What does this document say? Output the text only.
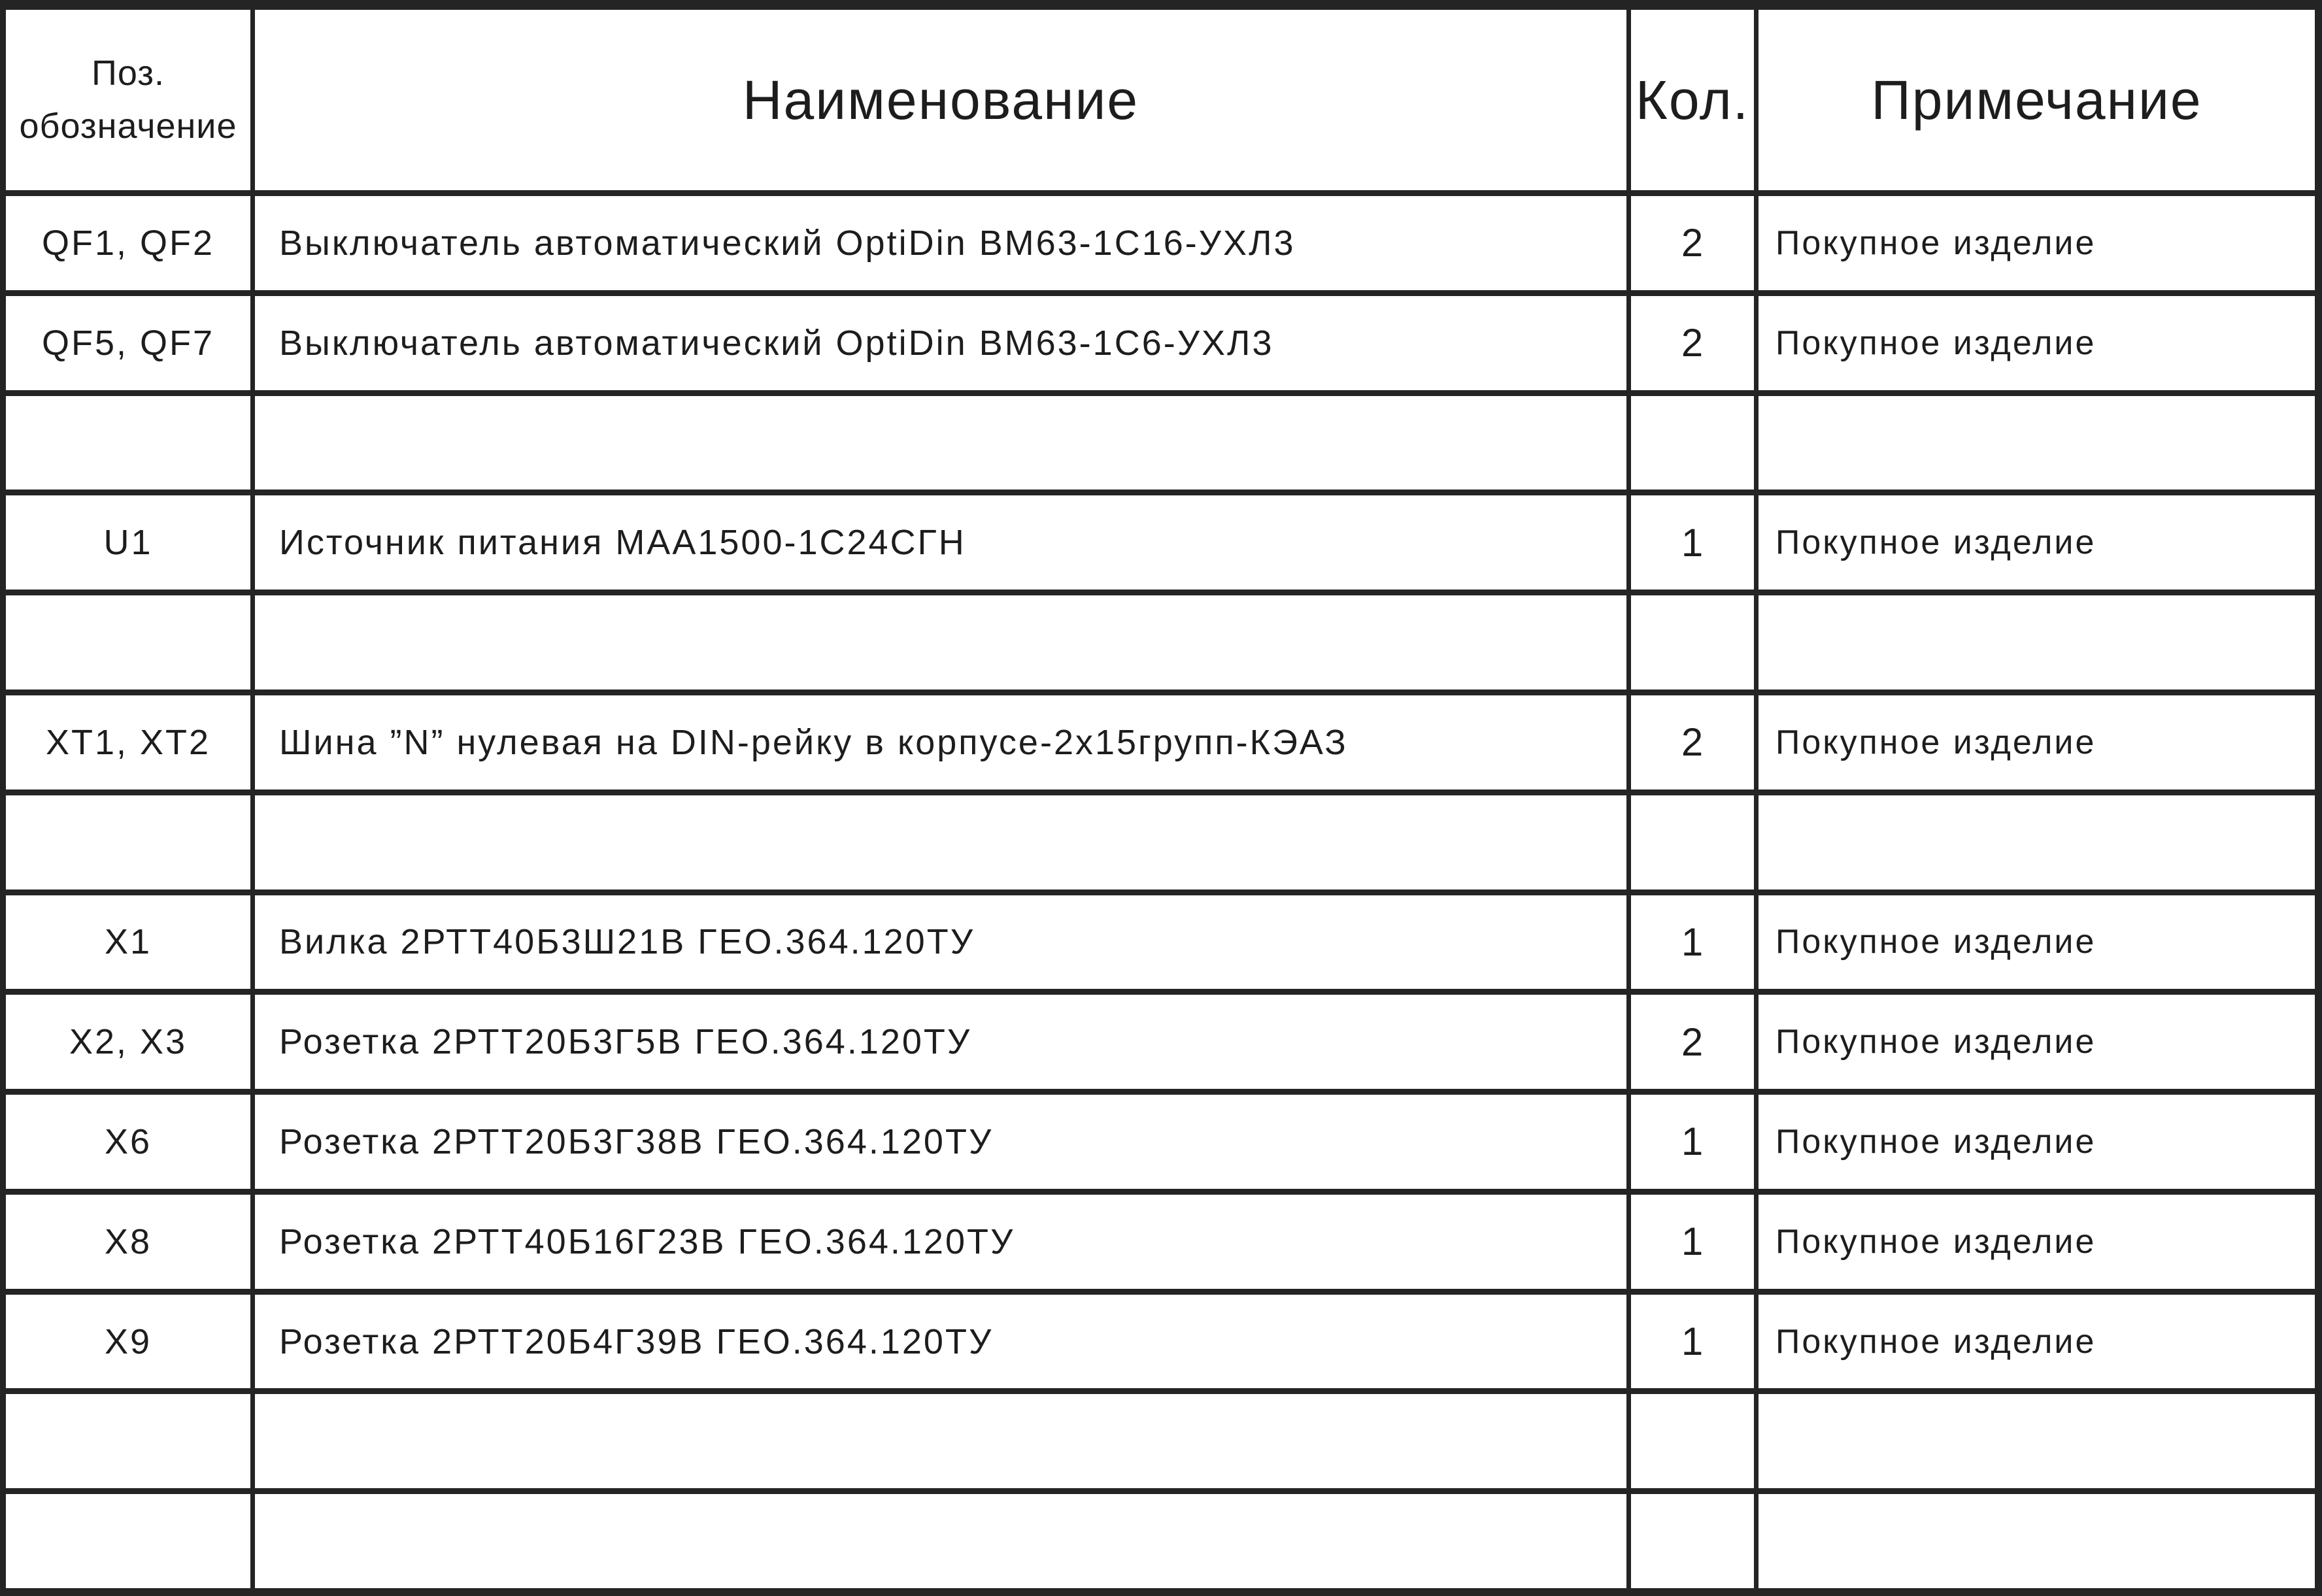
Поз.
обозначение	Наименование	Кол.	Примечание
QF1, QF2	Выключатель автоматический OptiDin ВМ63-1С16-УХЛ3	2	Покупное изделие
QF5, QF7	Выключатель автоматический OptiDin ВМ63-1С6-УХЛ3	2	Покупное изделие
U1	Источник питания МАА1500-1С24СГН	1	Покупное изделие
XT1, XT2	Шина ”N” нулевая на DIN-рейку в корпусе-2х15групп-КЭАЗ	2	Покупное изделие
X1	Вилка 2РТТ40Б3Ш21В ГЕО.364.120ТУ	1	Покупное изделие
X2, X3	Розетка 2РТТ20Б3Г5В ГЕО.364.120ТУ	2	Покупное изделие
X6	Розетка 2РТТ20Б3Г38В ГЕО.364.120ТУ	1	Покупное изделие
X8	Розетка 2РТТ40Б16Г23В ГЕО.364.120ТУ	1	Покупное изделие
X9	Розетка 2РТТ20Б4Г39В ГЕО.364.120ТУ	1	Покупное изделие
